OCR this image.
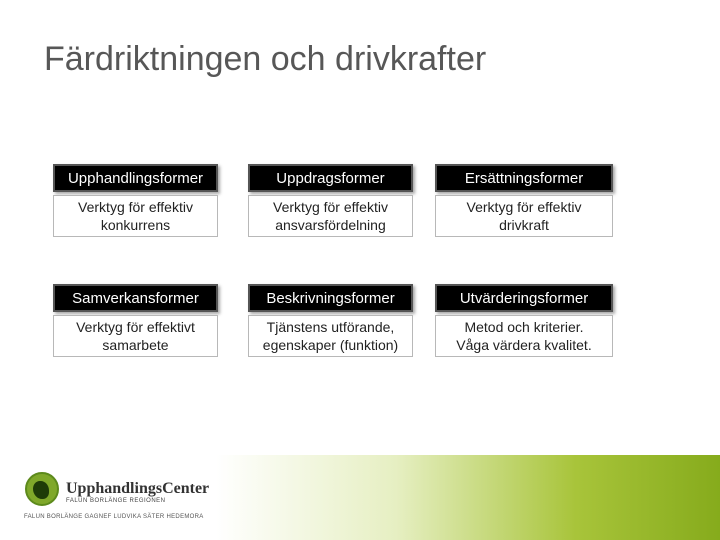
Färdriktningen och drivkrafter
Upphandlingsformer
Verktyg för effektiv
konkurrens
Uppdragsformer
Verktyg för effektiv
ansvarsfördelning
Ersättningsformer
Verktyg för effektiv
drivkraft
Samverkansformer
Verktyg för effektivt
samarbete
Beskrivningsformer
Tjänstens utförande,
egenskaper (funktion)
Utvärderingsformer
Metod och kriterier.
Våga värdera kvalitet.
UpphandlingsCenter
FALUN BORLÄNGE REGIONEN
FALUN BORLÄNGE GAGNEF LUDVIKA SÄTER HEDEMORA
